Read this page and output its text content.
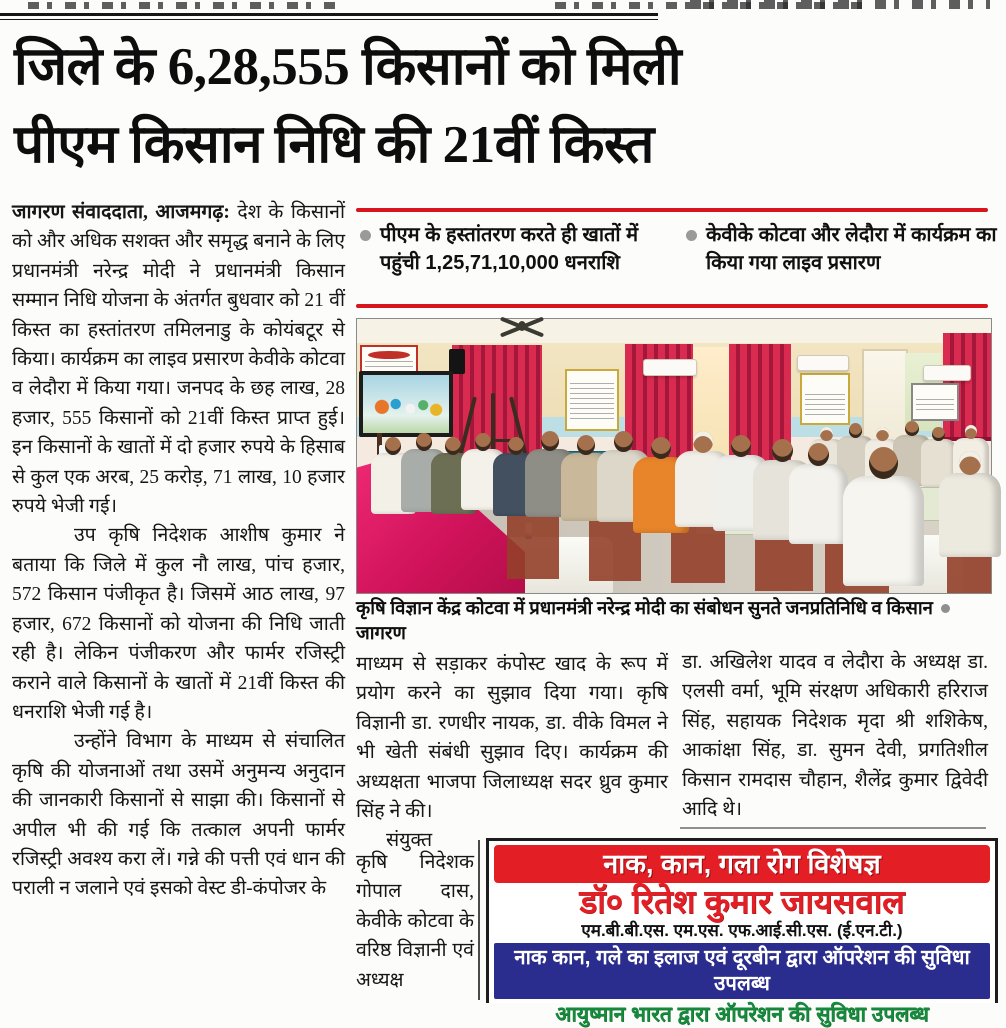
जिले के 6,28,555 किसानों को मिली
पीएम किसान निधि की 21वीं किस्त

जागरण संवाददाता, आजमगढ़: देश के किसानों को और अधिक सशक्त और समृद्ध बनाने के लिए प्रधानमंत्री नरेन्द्र मोदी ने प्रधानमंत्री किसान सम्मान निधि योजना के अंतर्गत बुधवार को 21 वीं किस्त का हस्तांतरण तमिलनाडु के कोयंबटूर से किया। कार्यक्रम का लाइव प्रसारण केवीके कोटवा व लेदौरा में किया गया। जनपद के छह लाख, 28 हजार, 555 किसानों को 21वीं किस्त प्राप्त हुई। इन किसानों के खातों में दो हजार रुपये के हिसाब से कुल एक अरब, 25 करोड़, 71 लाख, 10 हजार रुपये भेजी गई।

उप कृषि निदेशक आशीष कुमार ने बताया कि जिले में कुल नौ लाख, पांच हजार, 572 किसान पंजीकृत है। जिसमें आठ लाख, 97 हजार, 672 किसानों को योजना की निधि जाती रही है। लेकिन पंजीकरण और फार्मर रजिस्ट्री कराने वाले किसानों के खातों में 21वीं किस्त की धनराशि भेजी गई है।

उन्होंने विभाग के माध्यम से संचालित कृषि की योजनाओं तथा उसमें अनुमन्य अनुदान की जानकारी किसानों से साझा की। किसानों से अपील भी की गई कि तत्काल अपनी फार्मर रजिस्ट्री अवश्य करा लें। गन्ने की पत्ती एवं धान की पराली न जलाने एवं इसको वेस्ट डी-कंपोजर के

पीएम के हस्तांतरण करते ही खातों में पहुंची 1,25,71,10,000 धनराशि
केवीके कोटवा और लेदौरा में कार्यक्रम का किया गया लाइव प्रसारण
कृषि विज्ञान केंद्र कोटवा में प्रधानमंत्री नरेन्द्र मोदी का संबोधन सुनते जनप्रतिनिधि व किसानजागरण

माध्यम से सड़ाकर कंपोस्ट खाद के रूप में प्रयोग करने का सुझाव दिया गया। कृषि विज्ञानी डा. रणधीर नायक, डा. वीके विमल ने भी खेती संबंधी सुझाव दिए। कार्यक्रम की अध्यक्षता भाजपा जिलाध्यक्ष सदर ध्रुव कुमार सिंह ने की।

संयुक्त

कृषि निदेशक गोपाल दास, केवीके कोटवा के वरिष्ठ विज्ञानी एवं अध्यक्ष
डा. अखिलेश यादव व लेदौरा के अध्यक्ष डा. एलसी वर्मा, भूमि संरक्षण अधिकारी हरिराज सिंह, सहायक निदेशक मृदा श्री शशिकेष, आकांक्षा सिंह, डा. सुमन देवी, प्रगतिशील किसान रामदास चौहान, शैलेंद्र कुमार द्विवेदी आदि थे।
नाक, कान, गला रोग विशेषज्ञ
डॉ० रितेश कुमार जायसवाल
एम.बी.बी.एस. एम.एस. एफ.आई.सी.एस. (ई.एन.टी.)
नाक कान, गले का इलाज एवं दूरबीन द्वारा ऑपरेशन की सुविधा उपलब्ध
आयुष्मान भारत द्वारा ऑपरेशन की सुविधा उपलब्ध
